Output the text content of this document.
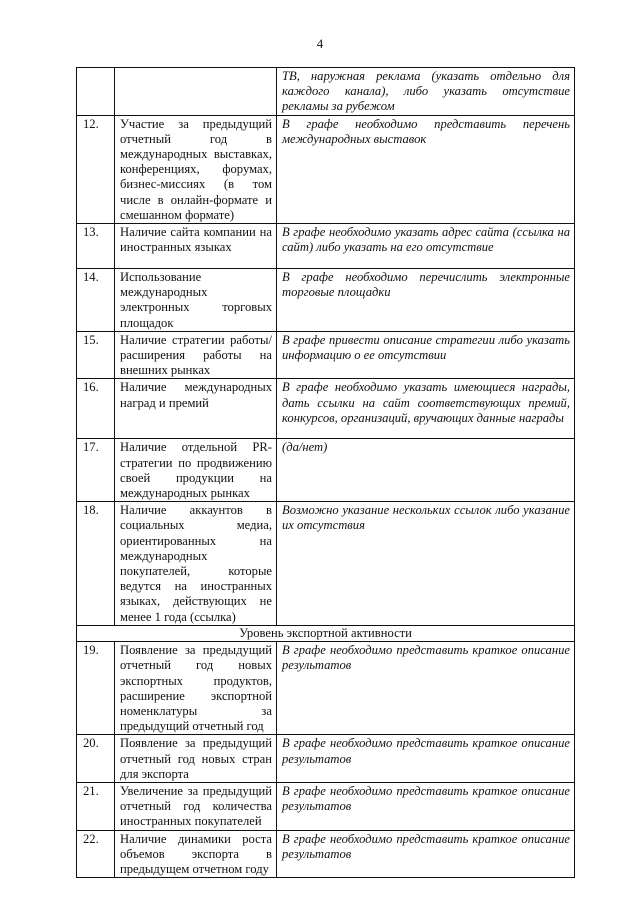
4
		ТВ, наружная реклама (указать отдельно для каждого канала), либо указать отсутствие рекламы за рубежом
12.	Участие за предыдущий отчетный год в международных выставках, конференциях, форумах, бизнес-миссиях (в том числе в онлайн-формате и смешанном формате)	В графе необходимо представить перечень международных выставок
13.	Наличие сайта компании на иностранных языках	В графе необходимо указать адрес сайта (ссылка на сайт) либо указать на его отсутствие
14.	Использование международных электронных торговых площадок	В графе необходимо перечислить электронные торговые площадки
15.	Наличие стратегии работы/расширения работы на внешних рынках	В графе привести описание стратегии либо указать информацию о ее отсутствии
16.	Наличие международных наград и премий	В графе необходимо указать имеющиеся награды, дать ссылки на сайт соответствующих премий, конкурсов, организаций, вручающих данные награды
17.	Наличие отдельной PR-стратегии по продвижению своей продукции на международных рынках	(да/нет)
18.	Наличие аккаунтов в социальных медиа, ориентированных на международных покупателей, которые ведутся на иностранных языках, действующих не менее 1 года (ссылка)	Возможно указание нескольких ссылок либо указание их отсутствия
Уровень экспортной активности		
19.	Появление за предыдущий отчетный год новых экспортных продуктов, расширение экспортной номенклатуры за предыдущий отчетный год	В графе необходимо представить краткое описание результатов
20.	Появление за предыдущий отчетный год новых стран для экспорта	В графе необходимо представить краткое описание результатов
21.	Увеличение за предыдущий отчетный год количества иностранных покупателей	В графе необходимо представить краткое описание результатов
22.	Наличие динамики роста объемов экспорта в предыдущем отчетном году	В графе необходимо представить краткое описание результатов
